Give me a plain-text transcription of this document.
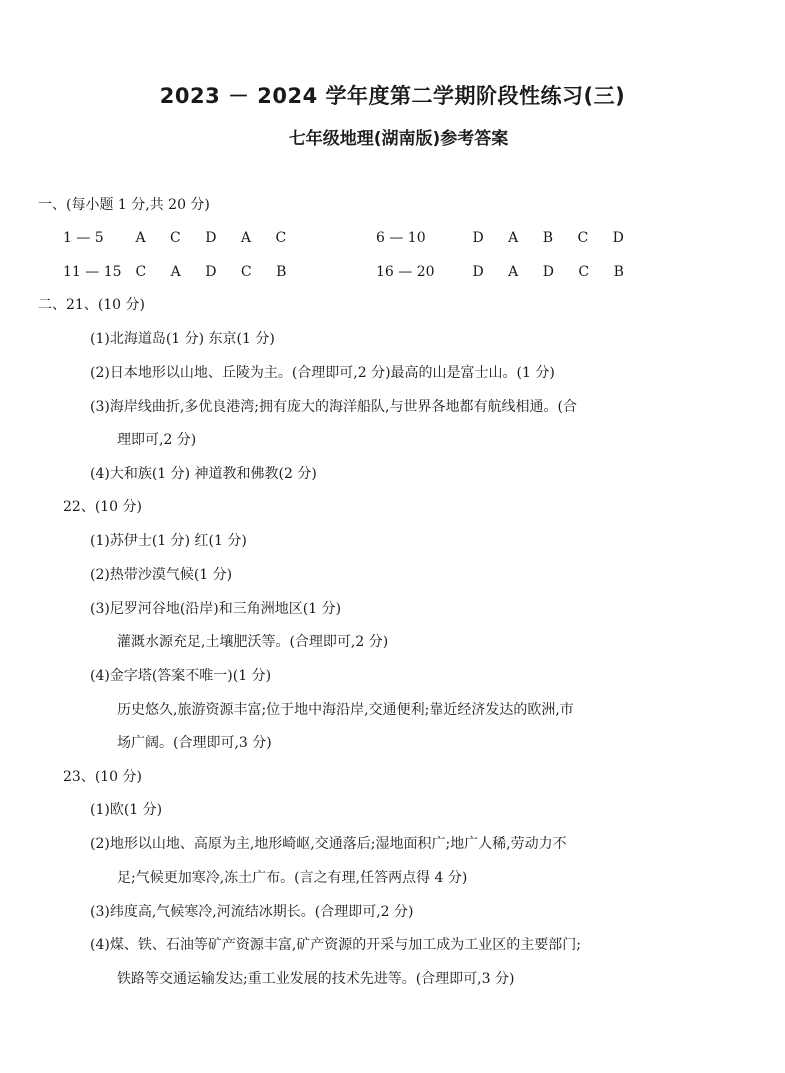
2023 － 2024 学年度第二学期阶段性练习(三)
七年级地理(湖南版)参考答案
一、(每小题 1 分,共 20 分)
1 — 5 A C D A C	6 — 10	D A B C D
11 — 15 C A D C B	16 — 20	D A D C B
二、21、(10 分)
(1)北海道岛(1 分) 东京(1 分)
(2)日本地形以山地、丘陵为主。(合理即可,2 分)最高的山是富士山。(1 分)
(3)海岸线曲折,多优良港湾;拥有庞大的海洋船队,与世界各地都有航线相通。(合
理即可,2 分)
(4)大和族(1 分) 神道教和佛教(2 分)
22、(10 分)
(1)苏伊士(1 分) 红(1 分)
(2)热带沙漠气候(1 分)
(3)尼罗河谷地(沿岸)和三角洲地区(1 分)
灌溉水源充足,土壤肥沃等。(合理即可,2 分)
(4)金字塔(答案不唯一)(1 分)
历史悠久,旅游资源丰富;位于地中海沿岸,交通便利;靠近经济发达的欧洲,市
场广阔。(合理即可,3 分)
23、(10 分)
(1)欧(1 分)
(2)地形以山地、高原为主,地形崎岖,交通落后;湿地面积广;地广人稀,劳动力不
足;气候更加寒冷,冻土广布。(言之有理,任答两点得 4 分)
(3)纬度高,气候寒冷,河流结冰期长。(合理即可,2 分)
(4)煤、铁、石油等矿产资源丰富,矿产资源的开采与加工成为工业区的主要部门;
铁路等交通运输发达;重工业发展的技术先进等。(合理即可,3 分)
